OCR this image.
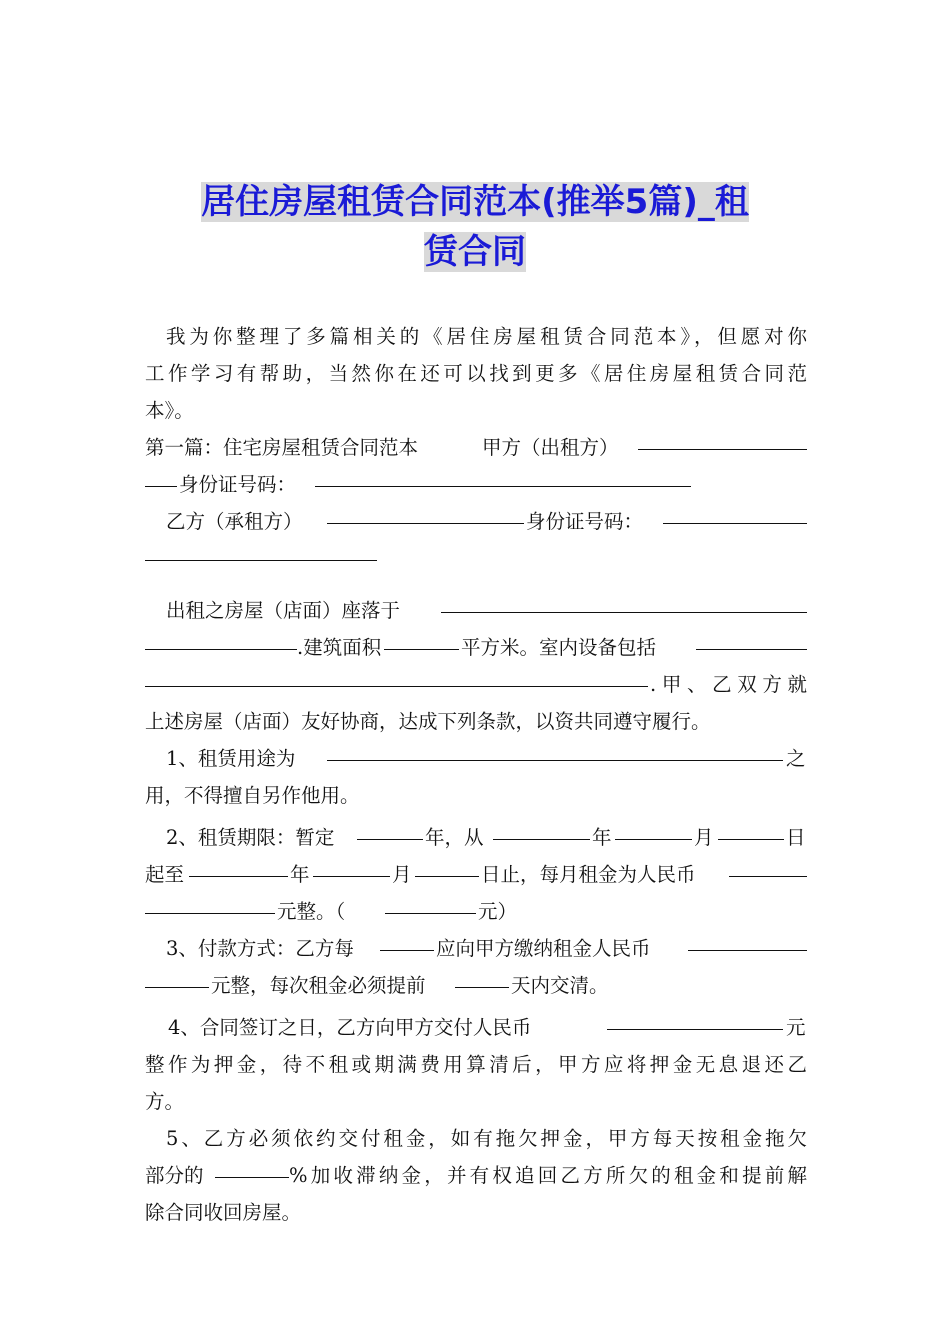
居住房屋租赁合同范本(推举5篇)_租
赁合同
我为你整理了多篇相关的《居住房屋租赁合同范本》，但愿对你
工作学习有帮助，当然你在还可以找到更多《居住房屋租赁合同范
本》。
第一篇：住宅房屋租赁合同范本	甲方（出租方）
身份证号码：
乙方（承租方）	身份证号码：
出租之房屋（店面）座落于
.建筑面积	平方米。室内设备包括
.甲、乙双方就
上述房屋（店面）友好协商，达成下列条款，以资共同遵守履行。
1、租赁用途为	之
用，不得擅自另作他用。
2、租赁期限：暂定	年，从	年	月	日
起至	年	月	日止，每月租金为人民币
元整。（	元）
3、付款方式：乙方每	应向甲方缴纳租金人民币
元整，每次租金必须提前	天内交清。
4、合同签订之日，乙方向甲方交付人民币	元
整作为押金，待不租或期满费用算清后，甲方应将押金无息退还乙
方。
5、乙方必须依约交付租金，如有拖欠押金，甲方每天按租金拖欠
部分的	%加收滞纳金，并有权追回乙方所欠的租金和提前解
除合同收回房屋。
